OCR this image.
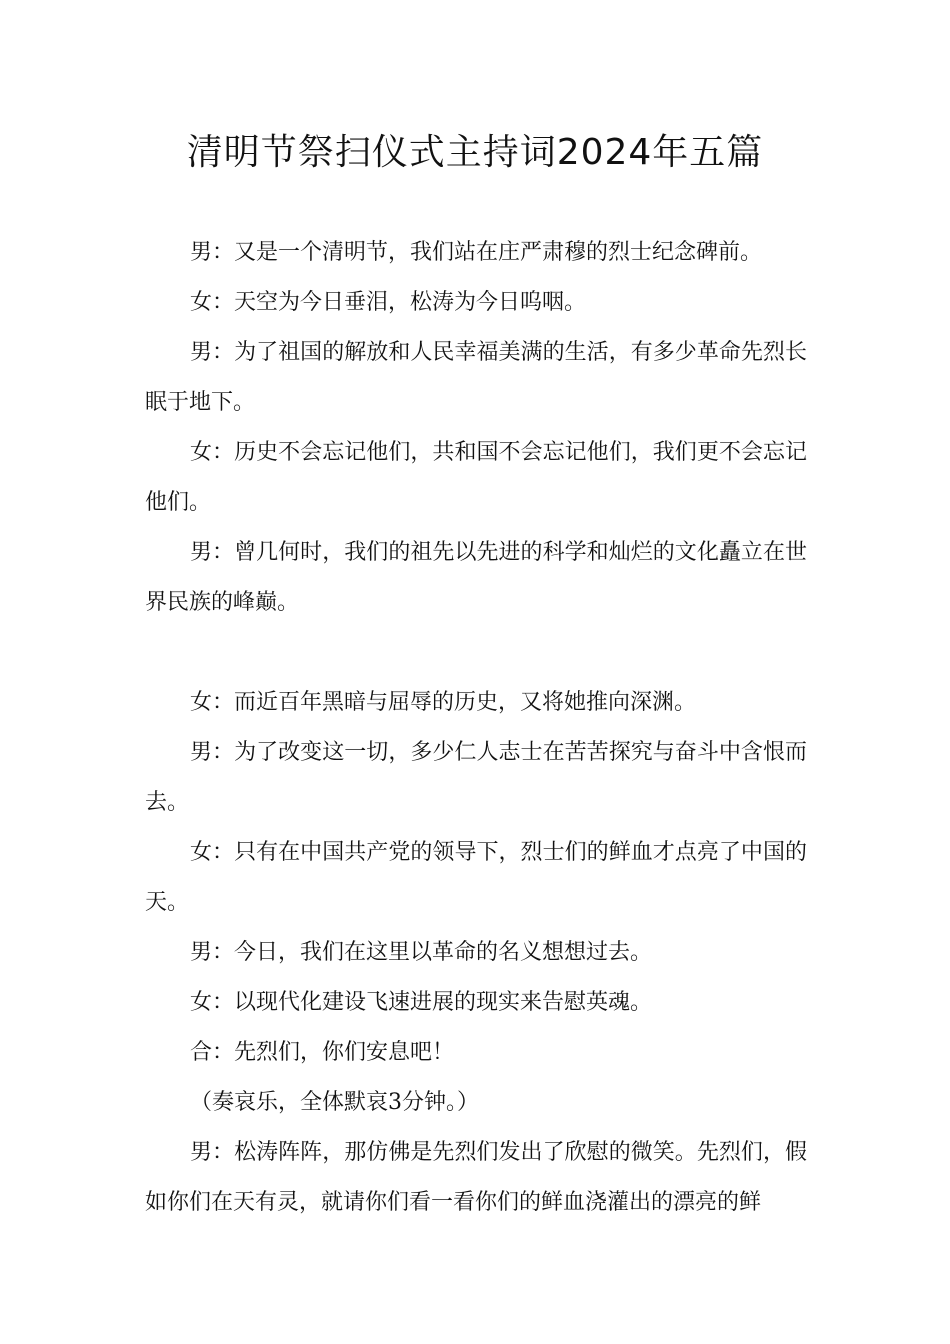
清明节祭扫仪式主持词2024年五篇

男：又是一个清明节，我们站在庄严肃穆的烈士纪念碑前。

女：天空为今日垂泪，松涛为今日呜咽。

男：为了祖国的解放和人民幸福美满的生活，有多少革命先烈长眠于地下。

女：历史不会忘记他们，共和国不会忘记他们，我们更不会忘记他们。

男：曾几何时，我们的祖先以先进的科学和灿烂的文化矗立在世界民族的峰巅。

女：而近百年黑暗与屈辱的历史，又将她推向深渊。

男：为了改变这一切，多少仁人志士在苦苦探究与奋斗中含恨而去。

女：只有在中国共产党的领导下，烈士们的鲜血才点亮了中国的天。

男：今日，我们在这里以革命的名义想想过去。

女：以现代化建设飞速进展的现实来告慰英魂。

合：先烈们，你们安息吧！

（奏哀乐，全体默哀3分钟。）

男：松涛阵阵，那仿佛是先烈们发出了欣慰的微笑。先烈们，假如你们在天有灵，就请你们看一看你们的鲜血浇灌出的漂亮的鲜
